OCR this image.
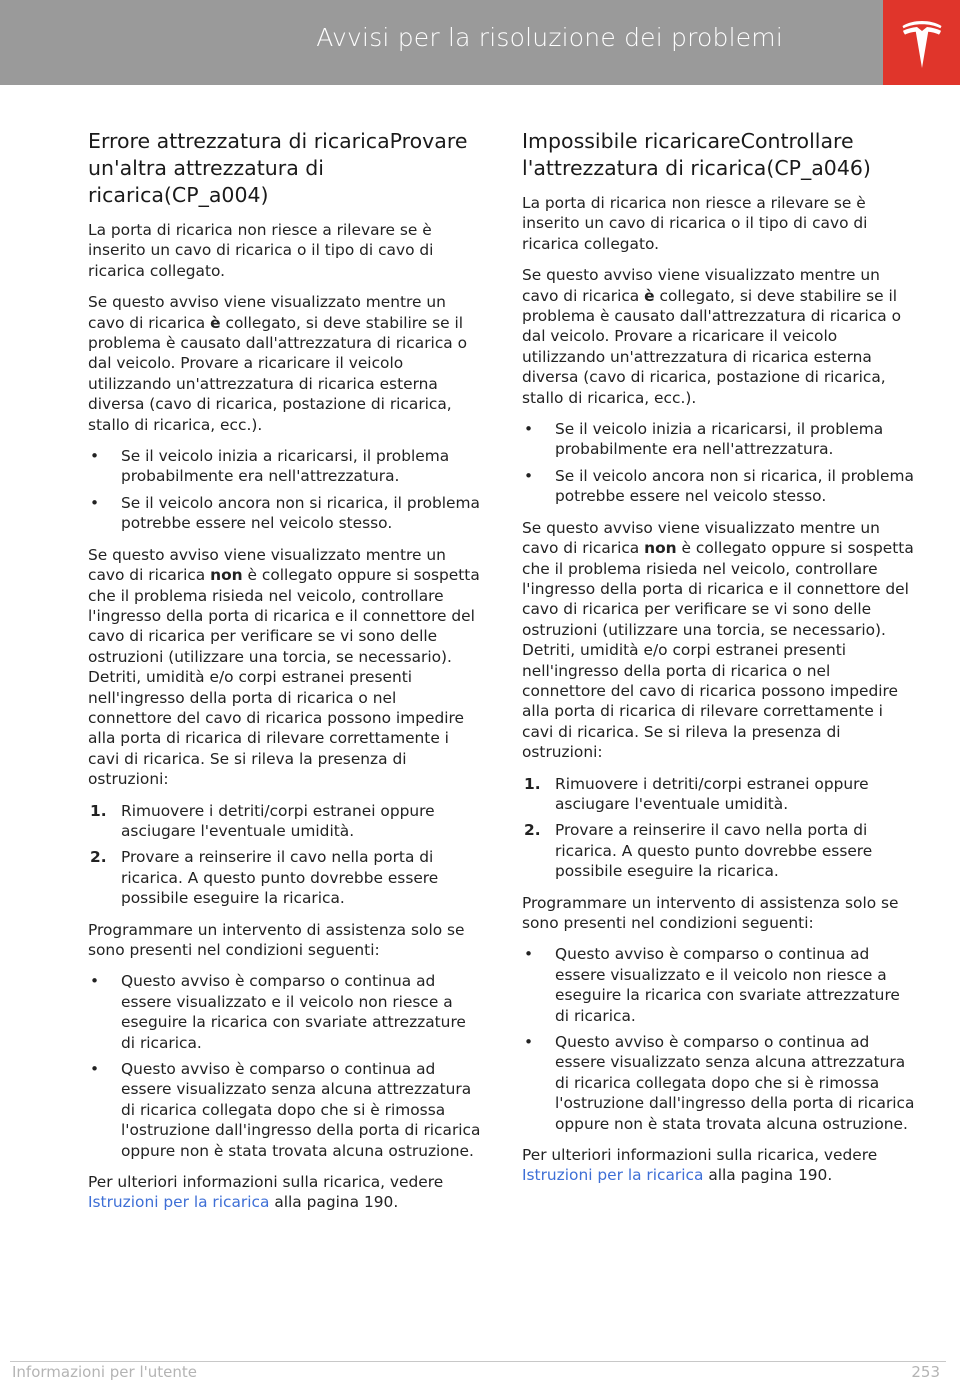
Avvisi per la risoluzione dei problemi
Errore attrezzatura di ricaricaProvare un'altra attrezzatura di ricarica(CP_a004)

La porta di ricarica non riesce a rilevare se è inserito un cavo di ricarica o il tipo di cavo di ricarica collegato.

Se questo avviso viene visualizzato mentre un cavo di ricarica è collegato, si deve stabilire se il problema è causato dall'attrezzatura di ricarica o dal veicolo. Provare a ricaricare il veicolo utilizzando un'attrezzatura di ricarica esterna diversa (cavo di ricarica, postazione di ricarica, stallo di ricarica, ecc.).

• Se il veicolo inizia a ricaricarsi, il problema probabilmente era nell'attrezzatura.
• Se il veicolo ancora non si ricarica, il problema potrebbe essere nel veicolo stesso.

Se questo avviso viene visualizzato mentre un cavo di ricarica non è collegato oppure si sospetta che il problema risieda nel veicolo, controllare l'ingresso della porta di ricarica e il connettore del cavo di ricarica per verificare se vi sono delle ostruzioni (utilizzare una torcia, se necessario). Detriti, umidità e/o corpi estranei presenti nell'ingresso della porta di ricarica o nel connettore del cavo di ricarica possono impedire alla porta di ricarica di rilevare correttamente i cavi di ricarica. Se si rileva la presenza di ostruzioni:

1. Rimuovere i detriti/corpi estranei oppure asciugare l'eventuale umidità.
2. Provare a reinserire il cavo nella porta di ricarica. A questo punto dovrebbe essere possibile eseguire la ricarica.

Programmare un intervento di assistenza solo se sono presenti nel condizioni seguenti:

• Questo avviso è comparso o continua ad essere visualizzato e il veicolo non riesce a eseguire la ricarica con svariate attrezzature di ricarica.
• Questo avviso è comparso o continua ad essere visualizzato senza alcuna attrezzatura di ricarica collegata dopo che si è rimossa l'ostruzione dall'ingresso della porta di ricarica oppure non è stata trovata alcuna ostruzione.

Per ulteriori informazioni sulla ricarica, vedere Istruzioni per la ricarica alla pagina 190.

Impossibile ricaricareControllare l'attrezzatura di ricarica(CP_a046)

La porta di ricarica non riesce a rilevare se è inserito un cavo di ricarica o il tipo di cavo di ricarica collegato.

Se questo avviso viene visualizzato mentre un cavo di ricarica è collegato, si deve stabilire se il problema è causato dall'attrezzatura di ricarica o dal veicolo. Provare a ricaricare il veicolo utilizzando un'attrezzatura di ricarica esterna diversa (cavo di ricarica, postazione di ricarica, stallo di ricarica, ecc.).

• Se il veicolo inizia a ricaricarsi, il problema probabilmente era nell'attrezzatura.
• Se il veicolo ancora non si ricarica, il problema potrebbe essere nel veicolo stesso.

Se questo avviso viene visualizzato mentre un cavo di ricarica non è collegato oppure si sospetta che il problema risieda nel veicolo, controllare l'ingresso della porta di ricarica e il connettore del cavo di ricarica per verificare se vi sono delle ostruzioni (utilizzare una torcia, se necessario). Detriti, umidità e/o corpi estranei presenti nell'ingresso della porta di ricarica o nel connettore del cavo di ricarica possono impedire alla porta di ricarica di rilevare correttamente i cavi di ricarica. Se si rileva la presenza di ostruzioni:

1. Rimuovere i detriti/corpi estranei oppure asciugare l'eventuale umidità.
2. Provare a reinserire il cavo nella porta di ricarica. A questo punto dovrebbe essere possibile eseguire la ricarica.

Programmare un intervento di assistenza solo se sono presenti nel condizioni seguenti:

• Questo avviso è comparso o continua ad essere visualizzato e il veicolo non riesce a eseguire la ricarica con svariate attrezzature di ricarica.
• Questo avviso è comparso o continua ad essere visualizzato senza alcuna attrezzatura di ricarica collegata dopo che si è rimossa l'ostruzione dall'ingresso della porta di ricarica oppure non è stata trovata alcuna ostruzione.

Per ulteriori informazioni sulla ricarica, vedere Istruzioni per la ricarica alla pagina 190.

Informazioni per l'utente	253
